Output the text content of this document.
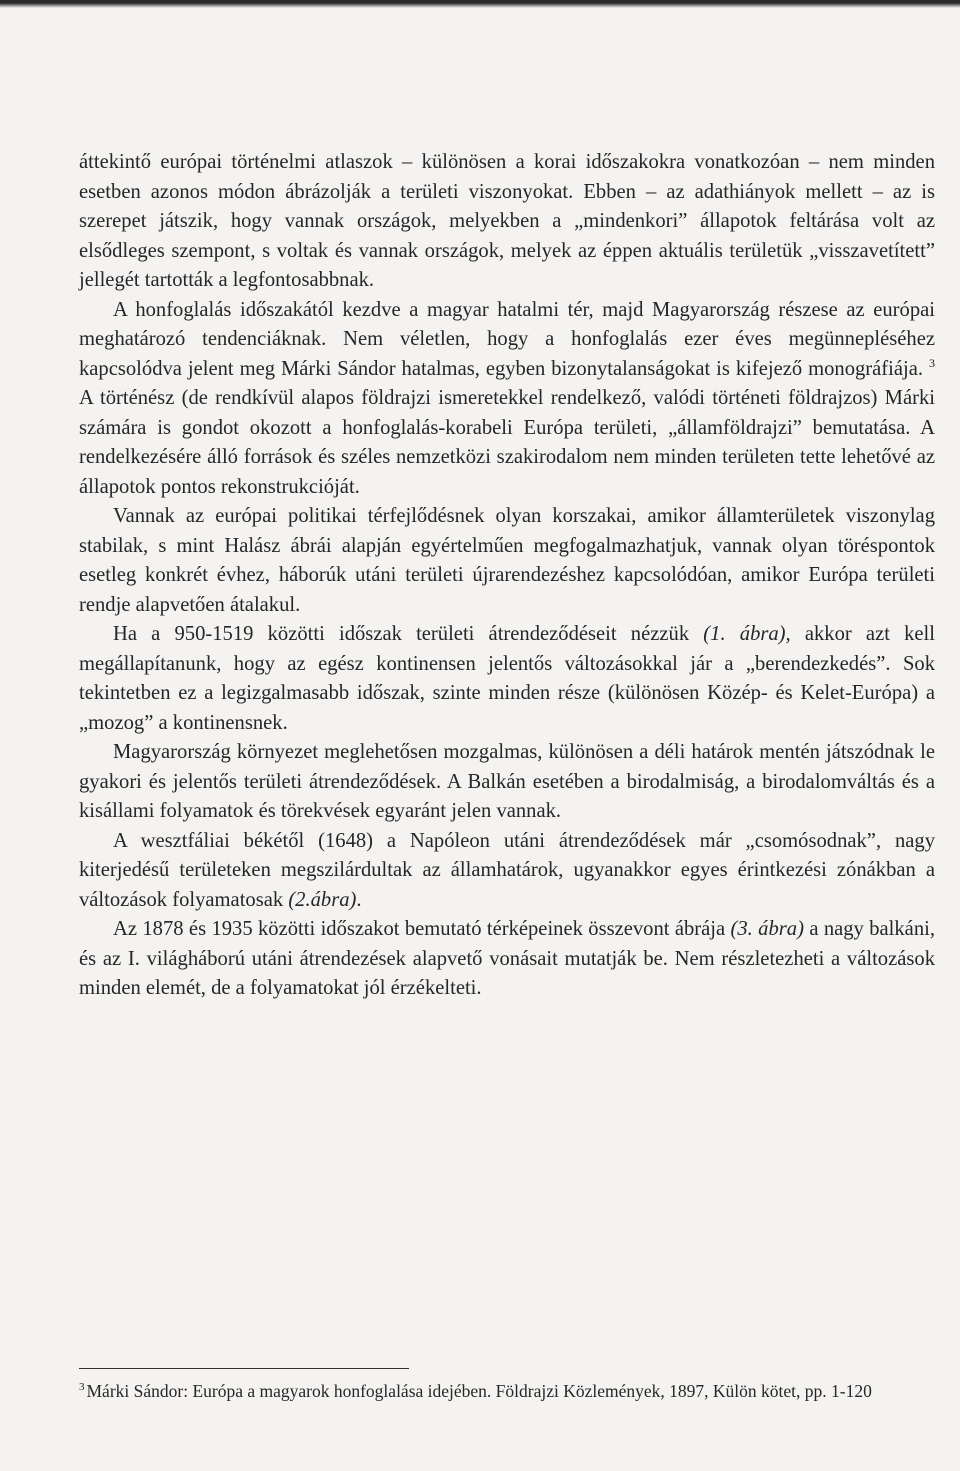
áttekintő európai történelmi atlaszok – különösen a korai időszakokra vonatkozóan – nem minden esetben azonos módon ábrázolják a területi viszonyokat. Ebben – az adathiányok mellett – az is szerepet játszik, hogy vannak országok, melyekben a „mindenkori” állapotok feltárása volt az elsődleges szempont, s voltak és vannak országok, melyek az éppen aktuális területük „visszavetített” jellegét tartották a legfontosabbnak.

A honfoglalás időszakától kezdve a magyar hatalmi tér, majd Magyarország részese az európai meghatározó tendenciáknak. Nem véletlen, hogy a honfoglalás ezer éves megünnepléséhez kapcsolódva jelent meg Márki Sándor hatalmas, egyben bizonytalanságokat is kifejező monográfiája. $^3$ A történész (de rendkívül alapos földrajzi ismeretekkel rendelkező, valódi történeti földrajzos) Márki számára is gondot okozott a honfoglalás-korabeli Európa területi, „államföldrajzi” bemutatása. A rendelkezésére álló források és széles nemzetközi szakirodalom nem minden területen tette lehetővé az állapotok pontos rekonstrukcióját.

Vannak az európai politikai térfejlődésnek olyan korszakai, amikor államterületek viszonylag stabilak, s mint Halász ábrái alapján egyértelműen megfogalmazhatjuk, vannak olyan töréspontok esetleg konkrét évhez, háborúk utáni területi újrarendezéshez kapcsolódóan, amikor Európa területi rendje alapvetően átalakul.

Ha a 950-1519 közötti időszak területi átrendeződéseit nézzük (1. ábra), akkor azt kell megállapítanunk, hogy az egész kontinensen jelentős változásokkal jár a „berendezkedés”. Sok tekintetben ez a legizgalmasabb időszak, szinte minden része (különösen Közép- és Kelet-Európa) a „mozog” a kontinensnek.

Magyarország környezet meglehetősen mozgalmas, különösen a déli határok mentén játszódnak le gyakori és jelentős területi átrendeződések. A Balkán esetében a birodalmiság, a birodalomváltás és a kisállami folyamatok és törekvések egyaránt jelen vannak.

A wesztfáliai békétől (1648) a Napóleon utáni átrendeződések már „csomósodnak”, nagy kiterjedésű területeken megszilárdultak az államhatárok, ugyanakkor egyes érintkezési zónákban a változások folyamatosak (2.ábra).

Az 1878 és 1935 közötti időszakot bemutató térképeinek összevont ábrája (3. ábra) a nagy balkáni, és az I. világháború utáni átrendezések alapvető vonásait mutatják be. Nem részletezheti a változások minden elemét, de a folyamatokat jól érzékelteti.

$^3$ Márki Sándor: Európa a magyarok honfoglalása idejében. Földrajzi Közlemények, 1897, Külön kötet, pp. 1-120
